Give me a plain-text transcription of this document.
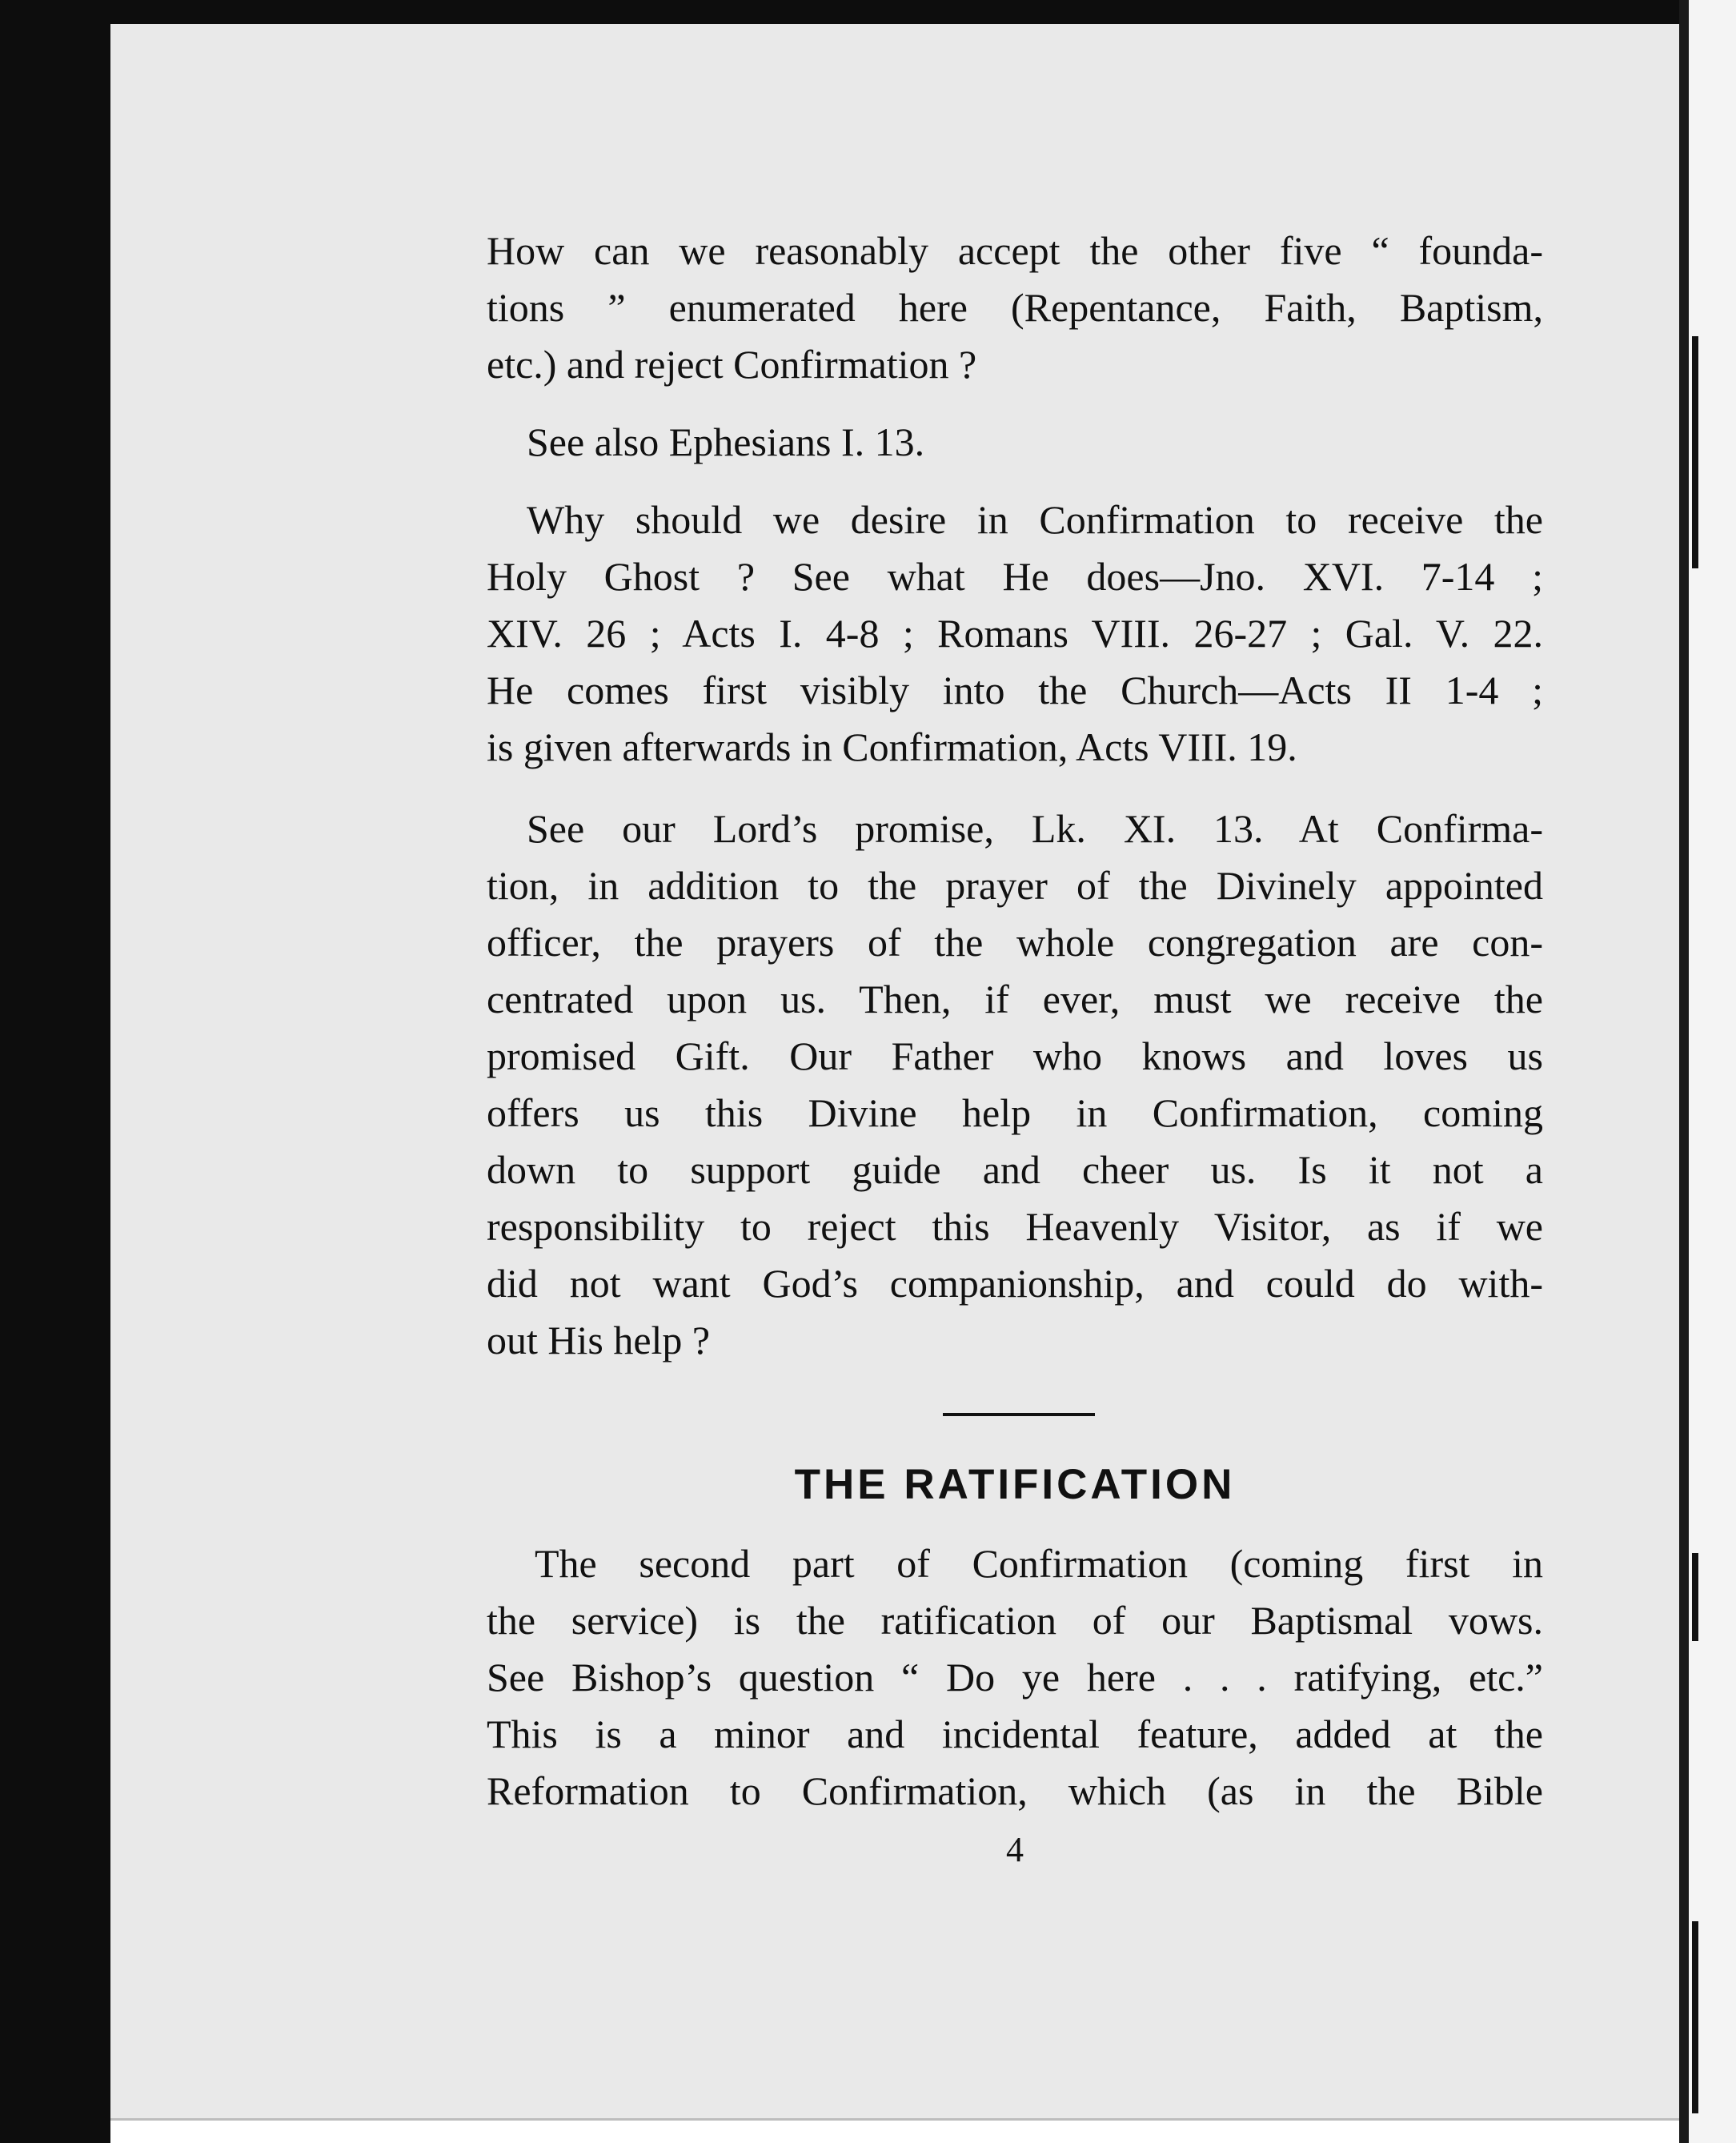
How can we reasonably accept the other five “ founda-
tions ” enumerated here (Repentance, Faith, Baptism,
etc.) and reject Confirmation ?
See also Ephesians I. 13.
Why should we desire in Confirmation to receive the
Holy Ghost ? See what He does—Jno. XVI. 7-14 ;
XIV. 26 ; Acts I. 4-8 ; Romans VIII. 26-27 ; Gal. V. 22.
He comes first visibly into the Church—Acts II 1-4 ;
is given afterwards in Confirmation, Acts VIII. 19.
See our Lord’s promise, Lk. XI. 13. At Confirma-
tion, in addition to the prayer of the Divinely appointed
officer, the prayers of the whole congregation are con-
centrated upon us. Then, if ever, must we receive the
promised Gift. Our Father who knows and loves us
offers us this Divine help in Confirmation, coming
down to support guide and cheer us. Is it not a
responsibility to reject this Heavenly Visitor, as if we
did not want God’s companionship, and could do with-
out His help ?
THE RATIFICATION
The second part of Confirmation (coming first in
the service) is the ratification of our Baptismal vows.
See Bishop’s question “ Do ye here . . . ratifying, etc.”
This is a minor and incidental feature, added at the
Reformation to Confirmation, which (as in the Bible
4
